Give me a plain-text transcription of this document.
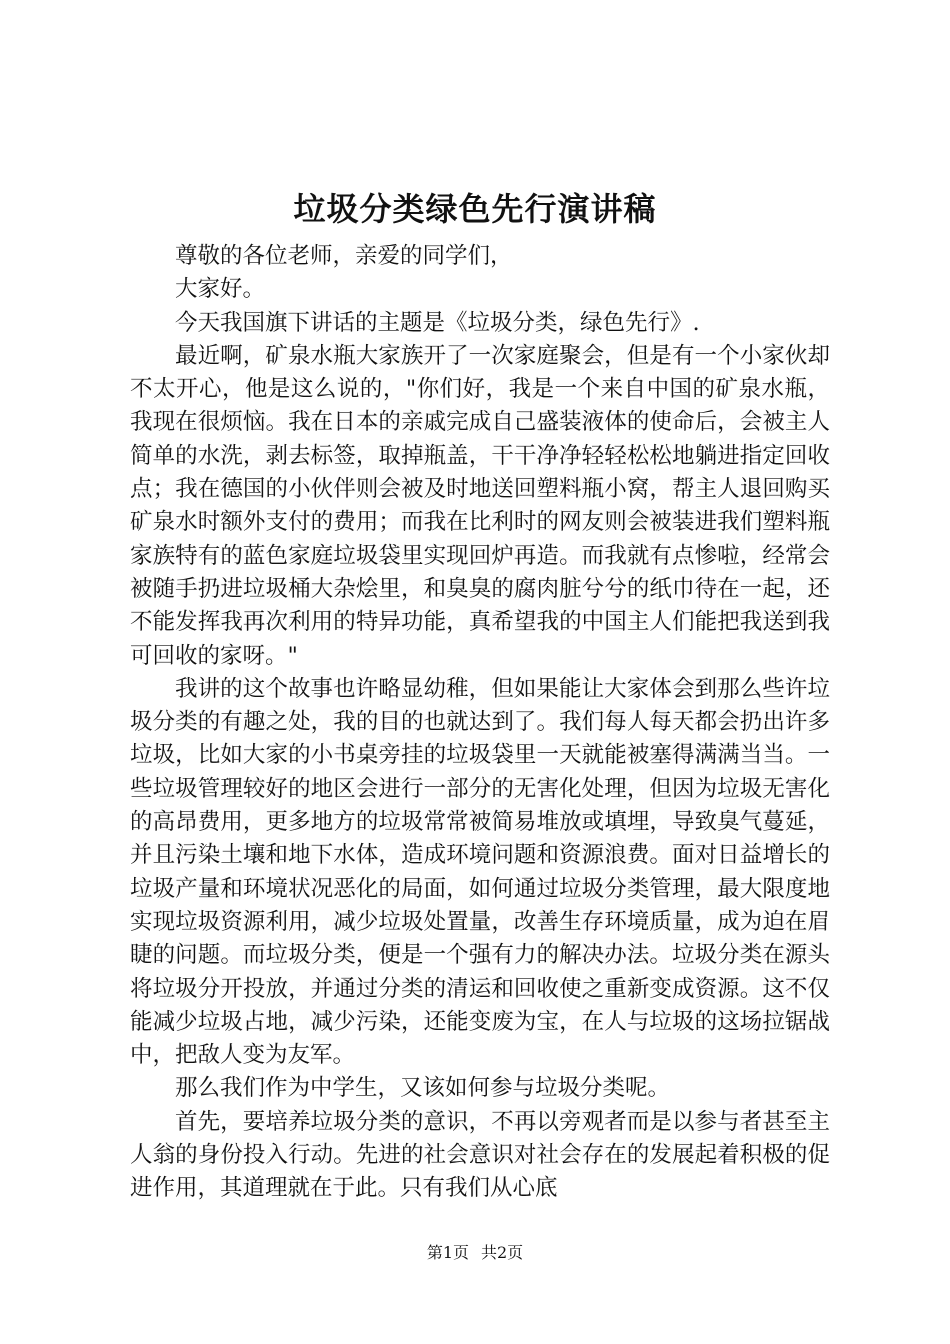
垃圾分类绿色先行演讲稿

尊敬的各位老师，亲爱的同学们，

大家好。

今天我国旗下讲话的主题是《垃圾分类，绿色先行》.

最近啊，矿泉水瓶大家族开了一次家庭聚会，但是有一个小家伙却不太开心，他是这么说的，"你们好，我是一个来自中国的矿泉水瓶，我现在很烦恼。我在日本的亲戚完成自己盛装液体的使命后，会被主人简单的水洗，剥去标签，取掉瓶盖，干干净净轻轻松松地躺进指定回收点；我在德国的小伙伴则会被及时地送回塑料瓶小窝，帮主人退回购买矿泉水时额外支付的费用；而我在比利时的网友则会被装进我们塑料瓶家族特有的蓝色家庭垃圾袋里实现回炉再造。而我就有点惨啦，经常会被随手扔进垃圾桶大杂烩里，和臭臭的腐肉脏兮兮的纸巾待在一起，还不能发挥我再次利用的特异功能，真希望我的中国主人们能把我送到我可回收的家呀。"

我讲的这个故事也许略显幼稚，但如果能让大家体会到那么些许垃圾分类的有趣之处，我的目的也就达到了。我们每人每天都会扔出许多垃圾，比如大家的小书桌旁挂的垃圾袋里一天就能被塞得满满当当。一些垃圾管理较好的地区会进行一部分的无害化处理，但因为垃圾无害化的高昂费用，更多地方的垃圾常常被简易堆放或填埋，导致臭气蔓延，并且污染土壤和地下水体，造成环境问题和资源浪费。面对日益增长的垃圾产量和环境状况恶化的局面，如何通过垃圾分类管理，最大限度地实现垃圾资源利用，减少垃圾处置量，改善生存环境质量，成为迫在眉睫的问题。而垃圾分类，便是一个强有力的解决办法。垃圾分类在源头将垃圾分开投放，并通过分类的清运和回收使之重新变成资源。这不仅能减少垃圾占地，减少污染，还能变废为宝，在人与垃圾的这场拉锯战中，把敌人变为友军。

那么我们作为中学生，又该如何参与垃圾分类呢。

首先，要培养垃圾分类的意识，不再以旁观者而是以参与者甚至主人翁的身份投入行动。先进的社会意识对社会存在的发展起着积极的促进作用，其道理就在于此。只有我们从心底

第1页 共2页
